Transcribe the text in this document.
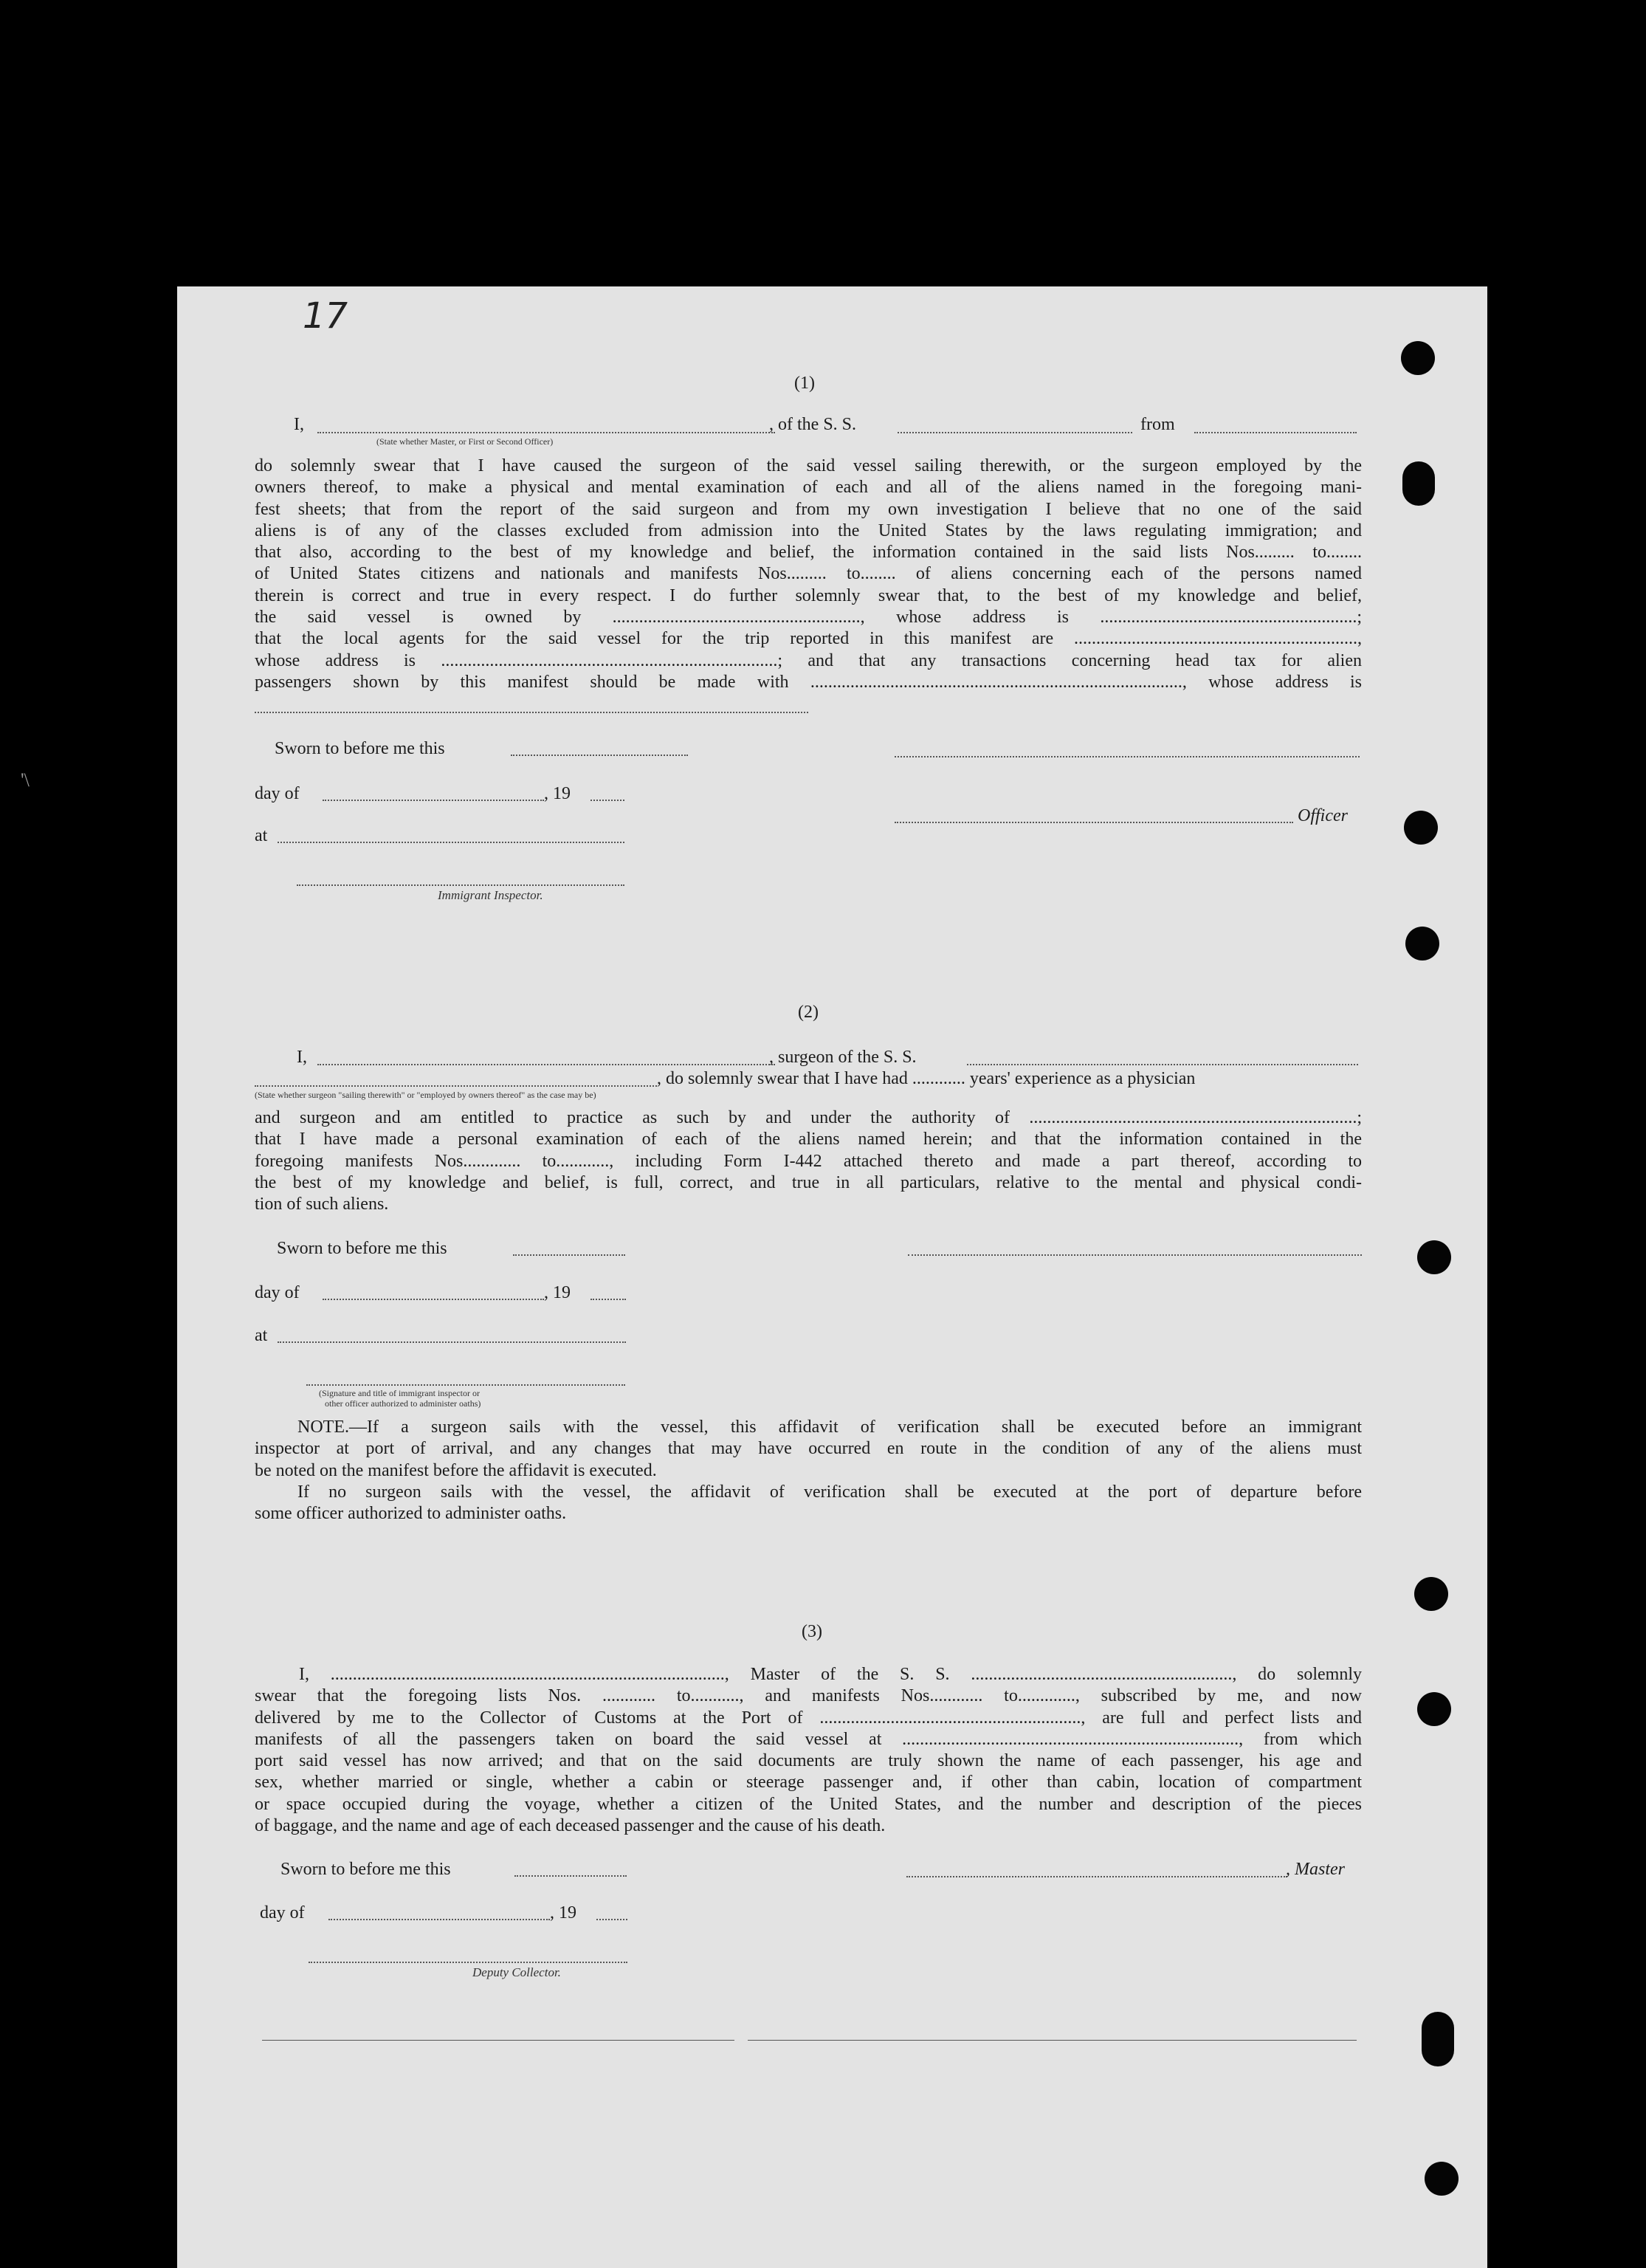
17
'\
(1)
I,
(State whether Master, or First or Second Officer)
, of the S. S.	from
do solemnly swear that I have caused the surgeon of the said vessel sailing therewith, or the surgeon employed by the
owners thereof, to make a physical and mental examination of each and all of the aliens named in the foregoing mani-
fest sheets; that from the report of the said surgeon and from my own investigation I believe that no one of the said
aliens is of any of the classes excluded from admission into the United States by the laws regulating immigration; and
that also, according to the best of my knowledge and belief, the information contained in the said lists Nos......... to........
of United States citizens and nationals and manifests Nos......... to........ of aliens concerning each of the persons named
therein is correct and true in every respect. I do further solemnly swear that, to the best of my knowledge and belief,
the said vessel is owned by ........................................................, whose address is ..........................................................;
that the local agents for the said vessel for the trip reported in this manifest are ................................................................,
whose address is ............................................................................; and that any transactions concerning head tax for alien
passengers shown by this manifest should be made with ...................................................................................., whose address is
Sworn to before me this
day of	, 19
Officer
at
Immigrant Inspector.
(2)
I,	, surgeon of the S. S.
, do solemnly swear that I have had ............ years' experience as a physician
(State whether surgeon "sailing therewith" or "employed by owners thereof" as the case may be)
and surgeon and am entitled to practice as such by and under the authority of ..........................................................................;
that I have made a personal examination of each of the aliens named herein; and that the information contained in the
foregoing manifests Nos............. to............, including Form I-442 attached thereto and made a part thereof, according to
the best of my knowledge and belief, is full, correct, and true in all particulars, relative to the mental and physical condi-
tion of such aliens.
Sworn to before me this
day of	, 19
at
(Signature and title of immigrant inspector or
other officer authorized to administer oaths)
NOTE.—If a surgeon sails with the vessel, this affidavit of verification shall be executed before an immigrant
inspector at port of arrival, and any changes that may have occurred en route in the condition of any of the aliens must
be noted on the manifest before the affidavit is executed.
If no surgeon sails with the vessel, the affidavit of verification shall be executed at the port of departure before
some officer authorized to administer oaths.
(3)
I, ........................................................................................., Master of the S. S. ..........................................................., do solemnly
swear that the foregoing lists Nos. ............ to..........., and manifests Nos............ to............., subscribed by me, and now
delivered by me to the Collector of Customs at the Port of ..........................................................., are full and perfect lists and
manifests of all the passengers taken on board the said vessel at ............................................................................, from which
port said vessel has now arrived; and that on the said documents are truly shown the name of each passenger, his age and
sex, whether married or single, whether a cabin or steerage passenger and, if other than cabin, location of compartment
or space occupied during the voyage, whether a citizen of the United States, and the number and description of the pieces
of baggage, and the name and age of each deceased passenger and the cause of his death.
Sworn to before me this	, Master
day of	, 19
Deputy Collector.
